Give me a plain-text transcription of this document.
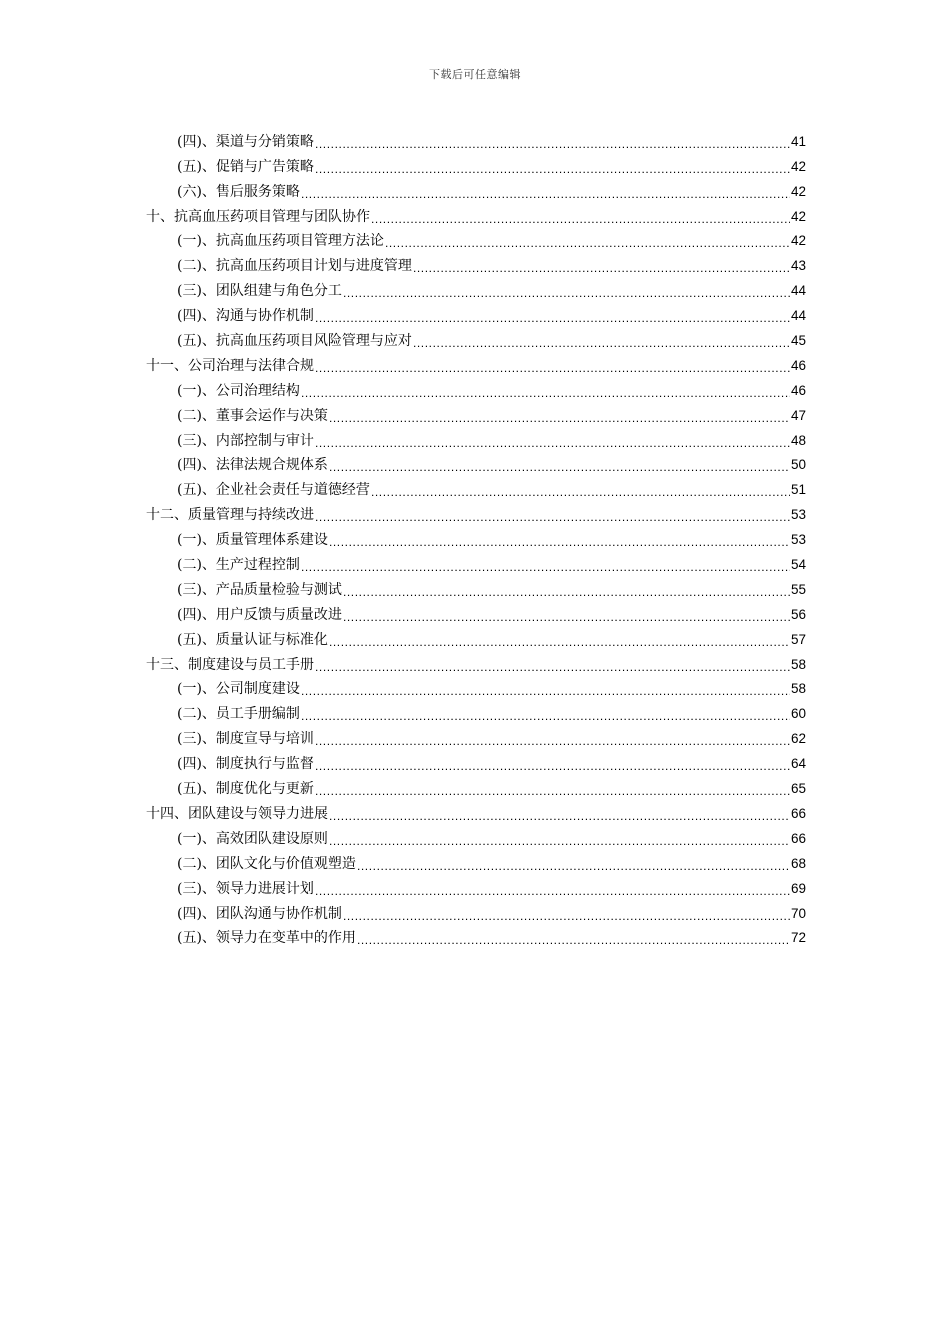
下载后可任意编辑
(四)、渠道与分销策略 .....	41
(五)、促销与广告策略 .....	42
(六)、售后服务策略 .....	42
十、抗高血压药项目管理与团队协作 .....	42
(一)、抗高血压药项目管理方法论 .....	42
(二)、抗高血压药项目计划与进度管理 .....	43
(三)、团队组建与角色分工 .....	44
(四)、沟通与协作机制 .....	44
(五)、抗高血压药项目风险管理与应对 .....	45
十一、公司治理与法律合规 .....	46
(一)、公司治理结构 .....	46
(二)、董事会运作与决策 .....	47
(三)、内部控制与审计 .....	48
(四)、法律法规合规体系 .....	50
(五)、企业社会责任与道德经营 .....	51
十二、质量管理与持续改进 .....	53
(一)、质量管理体系建设 .....	53
(二)、生产过程控制 .....	54
(三)、产品质量检验与测试 .....	55
(四)、用户反馈与质量改进 .....	56
(五)、质量认证与标准化 .....	57
十三、制度建设与员工手册 .....	58
(一)、公司制度建设 .....	58
(二)、员工手册编制 .....	60
(三)、制度宣导与培训 .....	62
(四)、制度执行与监督 .....	64
(五)、制度优化与更新 .....	65
十四、团队建设与领导力进展 .....	66
(一)、高效团队建设原则 .....	66
(二)、团队文化与价值观塑造 .....	68
(三)、领导力进展计划 .....	69
(四)、团队沟通与协作机制 .....	70
(五)、领导力在变革中的作用 .....	72
